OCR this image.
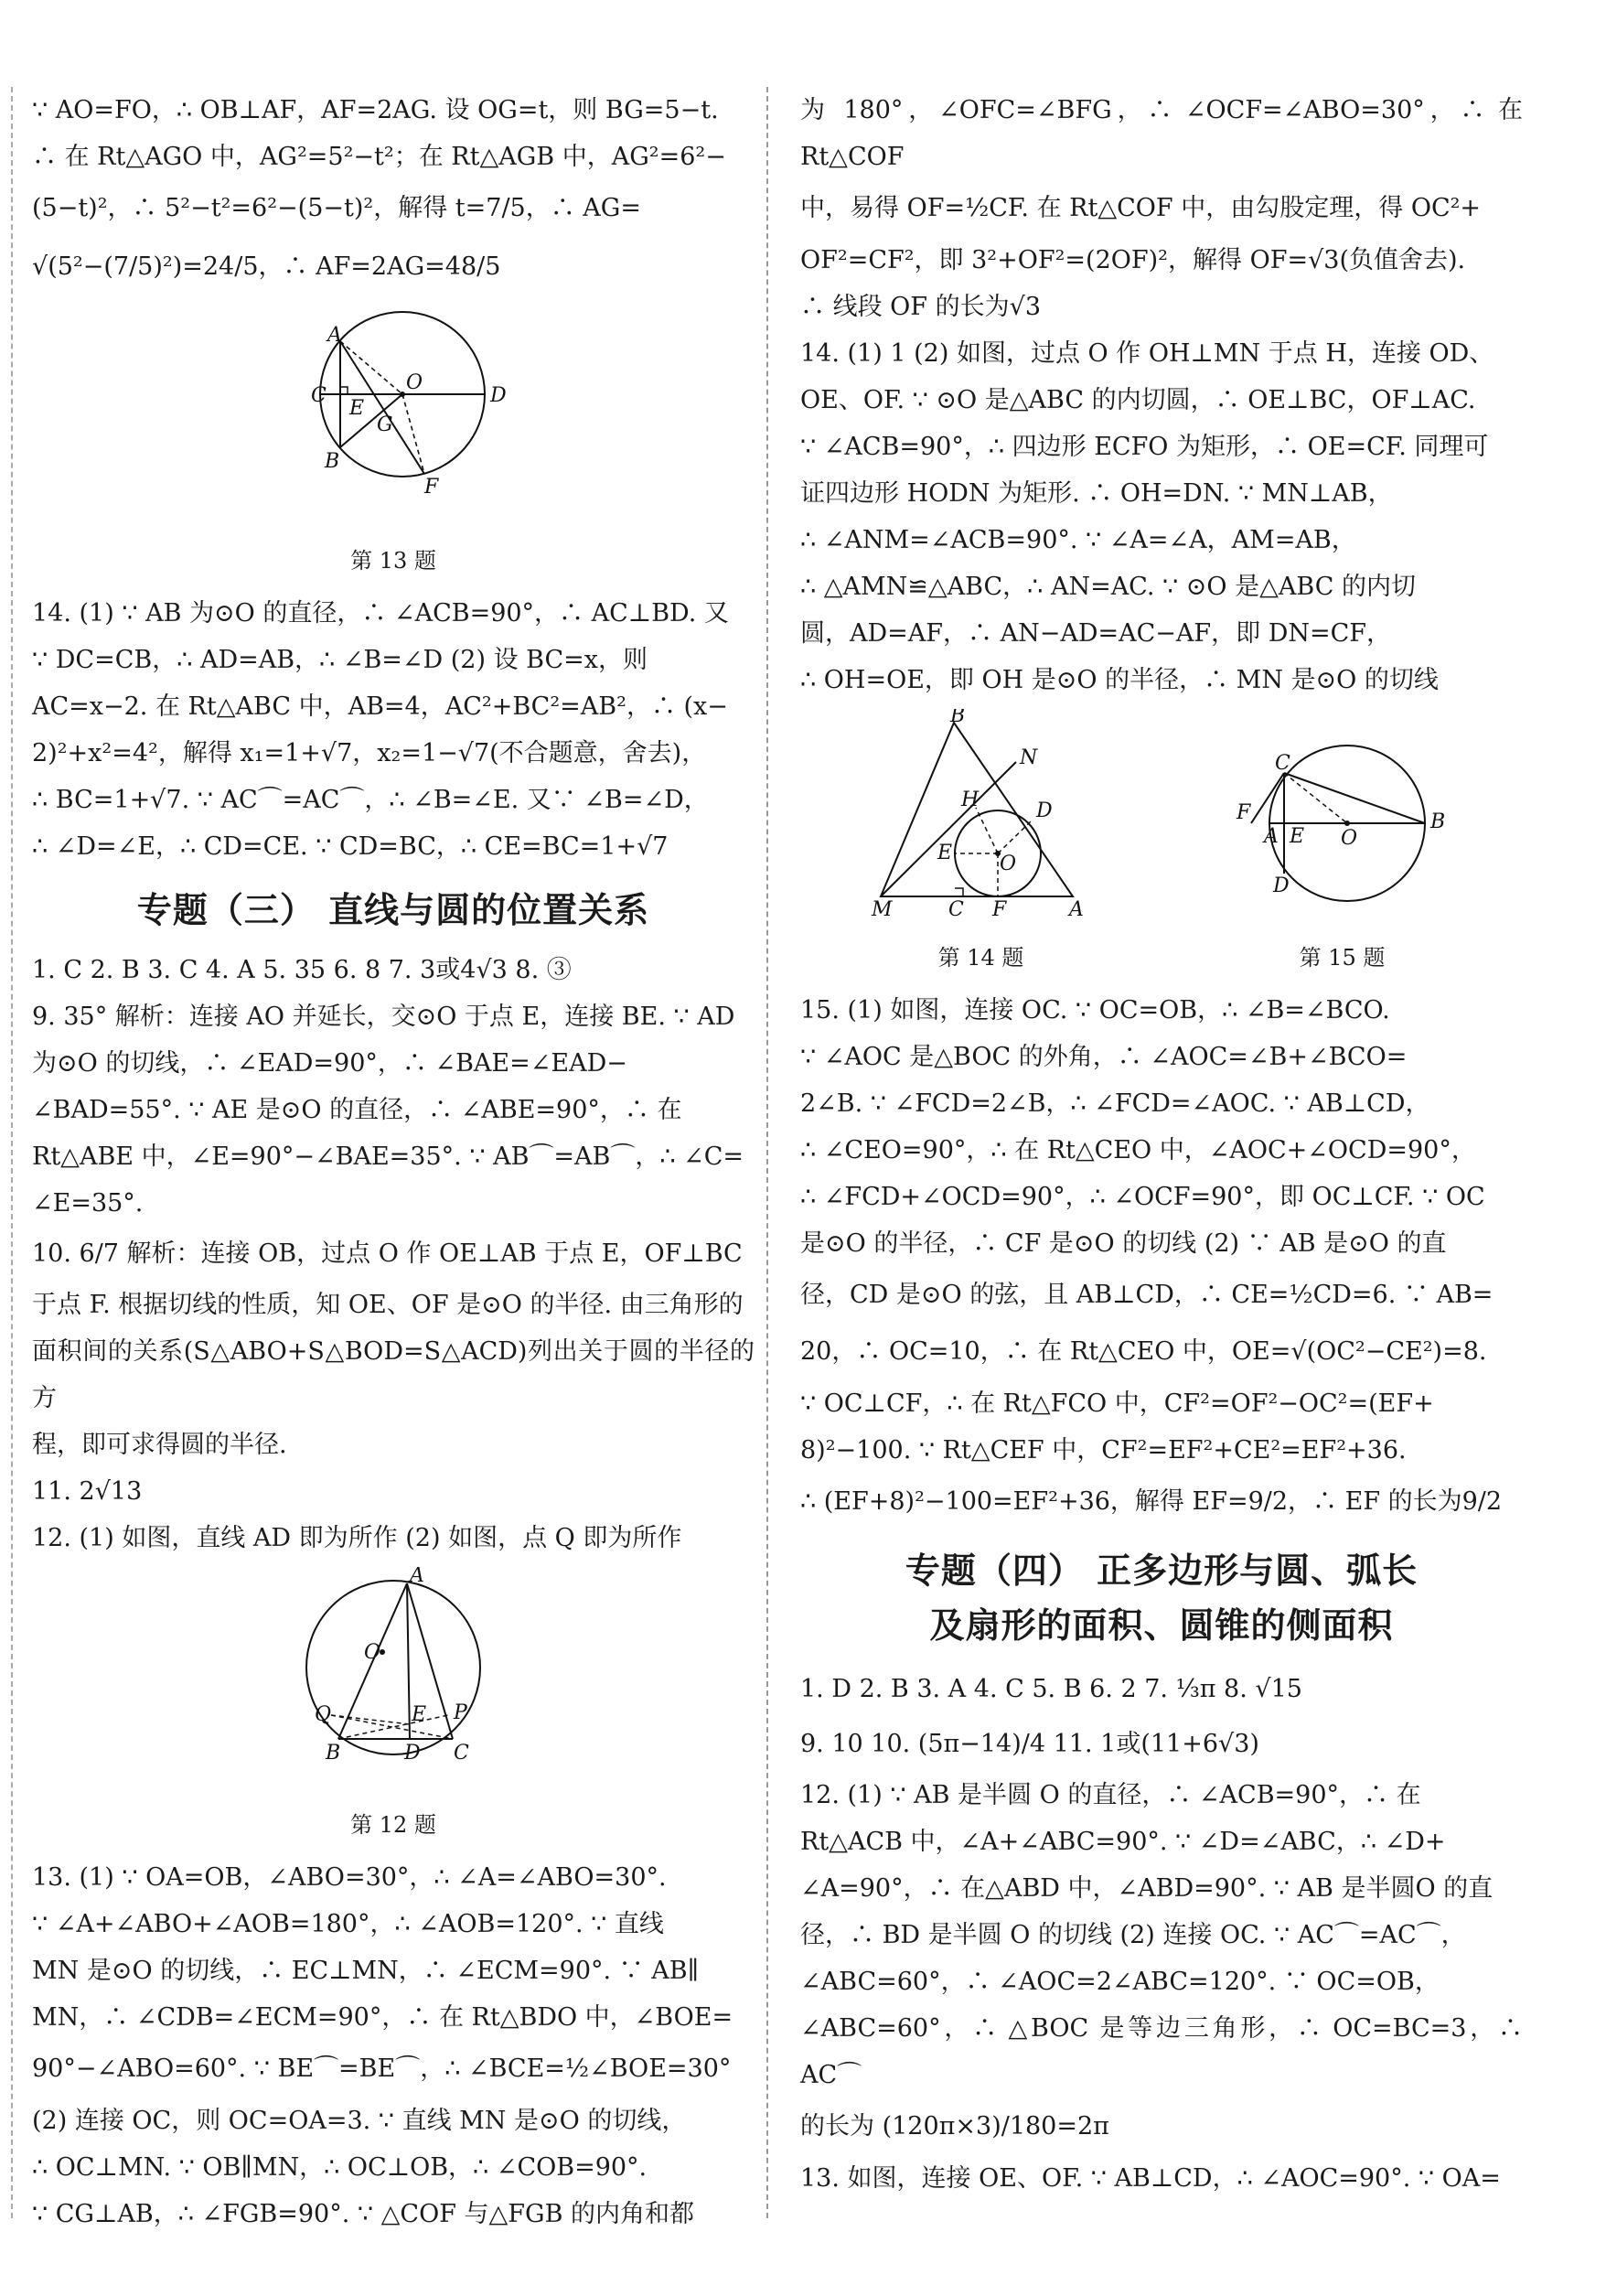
∵ AO=FO，∴ OB⊥AF，AF=2AG. 设 OG=t，则 BG=5−t.

∴ 在 Rt△AGO 中，AG²=5²−t²；在 Rt△AGB 中，AG²=6²−

(5−t)²，∴ 5²−t²=6²−(5−t)²，解得 t=7/5，∴ AG=

√(5²−(7/5)²)=24/5，∴ AF=2AG=48/5

A
B
C	D
E
F
G
O
第 13 题

14. (1) ∵ AB 为⊙O 的直径，∴ ∠ACB=90°，∴ AC⊥BD. 又

∵ DC=CB，∴ AD=AB，∴ ∠B=∠D (2) 设 BC=x，则

AC=x−2. 在 Rt△ABC 中，AB=4，AC²+BC²=AB²，∴ (x−

2)²+x²=4²，解得 x₁=1+√7，x₂=1−√7(不合题意，舍去)，

∴ BC=1+√7. ∵ AC⌒=AC⌒，∴ ∠B=∠E. 又∵ ∠B=∠D，

∴ ∠D=∠E，∴ CD=CE. ∵ CD=BC，∴ CE=BC=1+√7

专题（三） 直线与圆的位置关系

1. C 2. B 3. C 4. A 5. 35 6. 8 7. 3或4√3 8. ③

9. 35° 解析：连接 AO 并延长，交⊙O 于点 E，连接 BE. ∵ AD

为⊙O 的切线，∴ ∠EAD=90°，∴ ∠BAE=∠EAD−

∠BAD=55°. ∵ AE 是⊙O 的直径，∴ ∠ABE=90°，∴ 在

Rt△ABE 中，∠E=90°−∠BAE=35°. ∵ AB⌒=AB⌒，∴ ∠C=

∠E=35°.

10. 6/7 解析：连接 OB，过点 O 作 OE⊥AB 于点 E，OF⊥BC

于点 F. 根据切线的性质，知 OE、OF 是⊙O 的半径. 由三角形的

面积间的关系(S△ABO+S△BOD=S△ACD)列出关于圆的半径的方

程，即可求得圆的半径.

11. 2√13

12. (1) 如图，直线 AD 即为所作 (2) 如图，点 Q 即为所作

A
O
Q	E P
B	D C
第 12 题

13. (1) ∵ OA=OB，∠ABO=30°，∴ ∠A=∠ABO=30°.

∵ ∠A+∠ABO+∠AOB=180°，∴ ∠AOB=120°. ∵ 直线

MN 是⊙O 的切线，∴ EC⊥MN，∴ ∠ECM=90°. ∵ AB∥

MN，∴ ∠CDB=∠ECM=90°，∴ 在 Rt△BDO 中，∠BOE=

90°−∠ABO=60°. ∵ BE⌒=BE⌒，∴ ∠BCE=½∠BOE=30°

(2) 连接 OC，则 OC=OA=3. ∵ 直线 MN 是⊙O 的切线，

∴ OC⊥MN. ∵ OB∥MN，∴ OC⊥OB，∴ ∠COB=90°.

∵ CG⊥AB，∴ ∠FGB=90°. ∵ △COF 与△FGB 的内角和都

为 180°，∠OFC=∠BFG，∴ ∠OCF=∠ABO=30°，∴ 在 Rt△COF

中，易得 OF=½CF. 在 Rt△COF 中，由勾股定理，得 OC²+

OF²=CF²，即 3²+OF²=(2OF)²，解得 OF=√3(负值舍去).

∴ 线段 OF 的长为√3

14. (1) 1 (2) 如图，过点 O 作 OH⊥MN 于点 H，连接 OD、

OE、OF. ∵ ⊙O 是△ABC 的内切圆，∴ OE⊥BC，OF⊥AC.

∵ ∠ACB=90°，∴ 四边形 ECFO 为矩形，∴ OE=CF. 同理可

证四边形 HODN 为矩形. ∴ OH=DN. ∵ MN⊥AB，

∴ ∠ANM=∠ACB=90°. ∵ ∠A=∠A，AM=AB，

∴ △AMN≌△ABC，∴ AN=AC. ∵ ⊙O 是△ABC 的内切

圆，AD=AF，∴ AN−AD=AC−AF，即 DN=CF，

∴ OH=OE，即 OH 是⊙O 的半径，∴ MN 是⊙O 的切线

B
N
H	D
E O
M	C F	A
第 14 题
C
F
A E O
B
D
第 15 题

15. (1) 如图，连接 OC. ∵ OC=OB，∴ ∠B=∠BCO.

∵ ∠AOC 是△BOC 的外角，∴ ∠AOC=∠B+∠BCO=

2∠B. ∵ ∠FCD=2∠B，∴ ∠FCD=∠AOC. ∵ AB⊥CD，

∴ ∠CEO=90°，∴ 在 Rt△CEO 中，∠AOC+∠OCD=90°，

∴ ∠FCD+∠OCD=90°，∴ ∠OCF=90°，即 OC⊥CF. ∵ OC

是⊙O 的半径，∴ CF 是⊙O 的切线 (2) ∵ AB 是⊙O 的直

径，CD 是⊙O 的弦，且 AB⊥CD，∴ CE=½CD=6. ∵ AB=

20，∴ OC=10，∴ 在 Rt△CEO 中，OE=√(OC²−CE²)=8.

∵ OC⊥CF，∴ 在 Rt△FCO 中，CF²=OF²−OC²=(EF+

8)²−100. ∵ Rt△CEF 中，CF²=EF²+CE²=EF²+36.

∴ (EF+8)²−100=EF²+36，解得 EF=9/2，∴ EF 的长为9/2

专题（四） 正多边形与圆、弧长
及扇形的面积、圆锥的侧面积

1. D 2. B 3. A 4. C 5. B 6. 2 7. ⅓π 8. √15

9. 10 10. (5π−14)/4 11. 1或(11+6√3)

12. (1) ∵ AB 是半圆 O 的直径，∴ ∠ACB=90°，∴ 在

Rt△ACB 中，∠A+∠ABC=90°. ∵ ∠D=∠ABC，∴ ∠D+

∠A=90°，∴ 在△ABD 中，∠ABD=90°. ∵ AB 是半圆O 的直

径，∴ BD 是半圆 O 的切线 (2) 连接 OC. ∵ AC⌒=AC⌒，

∠ABC=60°，∴ ∠AOC=2∠ABC=120°. ∵ OC=OB，

∠ABC=60°，∴ △BOC 是等边三角形，∴ OC=BC=3，∴ AC⌒

的长为 (120π×3)/180=2π

13. 如图，连接 OE、OF. ∵ AB⊥CD，∴ ∠AOC=90°. ∵ OA=
